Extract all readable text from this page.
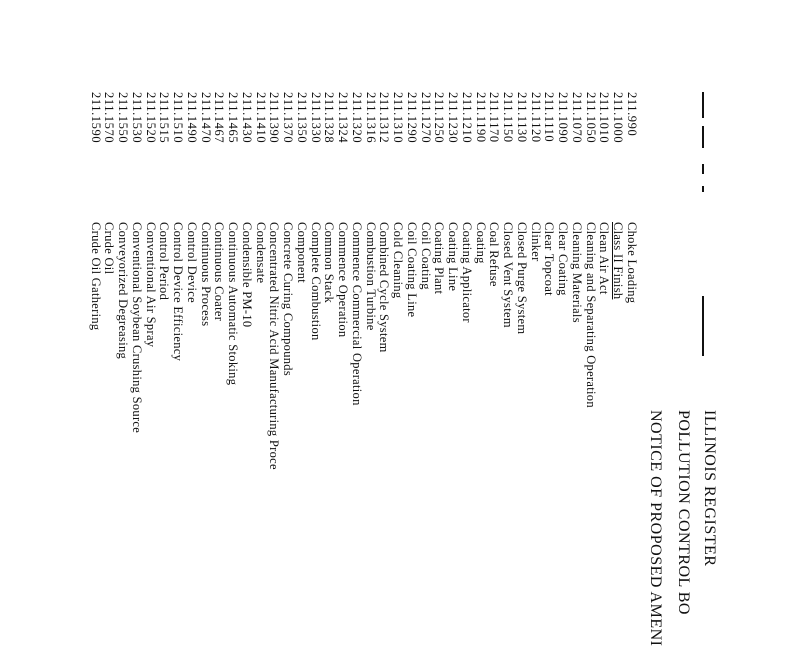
ILLINOIS REGISTER
POLLUTION CONTROL BO
NOTICE OF PROPOSED AMENI
211.990
Choke Loading
211.1000
Class II Finish
211.1010
Clean Air Act
211.1050
Cleaning and Separating Operation
211.1070
Cleaning Materials
211.1090
Clear Coating
211.1110
Clear Topcoat
211.1120
Clinker
211.1130
Closed Purge System
211.1150
Closed Vent System
211.1170
Coal Refuse
211.1190
Coating
211.1210
Coating Applicator
211.1230
Coating Line
211.1250
Coating Plant
211.1270
Coil Coating
211.1290
Coil Coating Line
211.1310
Cold Cleaning
211.1312
Combined Cycle System
211.1316
Combustion Turbine
211.1320
Commence Commercial Operation
211.1324
Commence Operation
211.1328
Common Stack
211.1330
Complete Combustion
211.1350
Component
211.1370
Concrete Curing Compounds
211.1390
Concentrated Nitric Acid Manufacturing Proce
211.1410
Condensate
211.1430
Condensible PM-10
211.1465
Continuous Automatic Stoking
211.1467
Continuous Coater
211.1470
Continuous Process
211.1490
Control Device
211.1510
Control Device Efficiency
211.1515
Control Period
211.1520
Conventional Air Spray
211.1530
Conventional Soybean Crushing Source
211.1550
Conveyorized Degreasing
211.1570
Crude Oil
211.1590
Crude Oil Gathering
